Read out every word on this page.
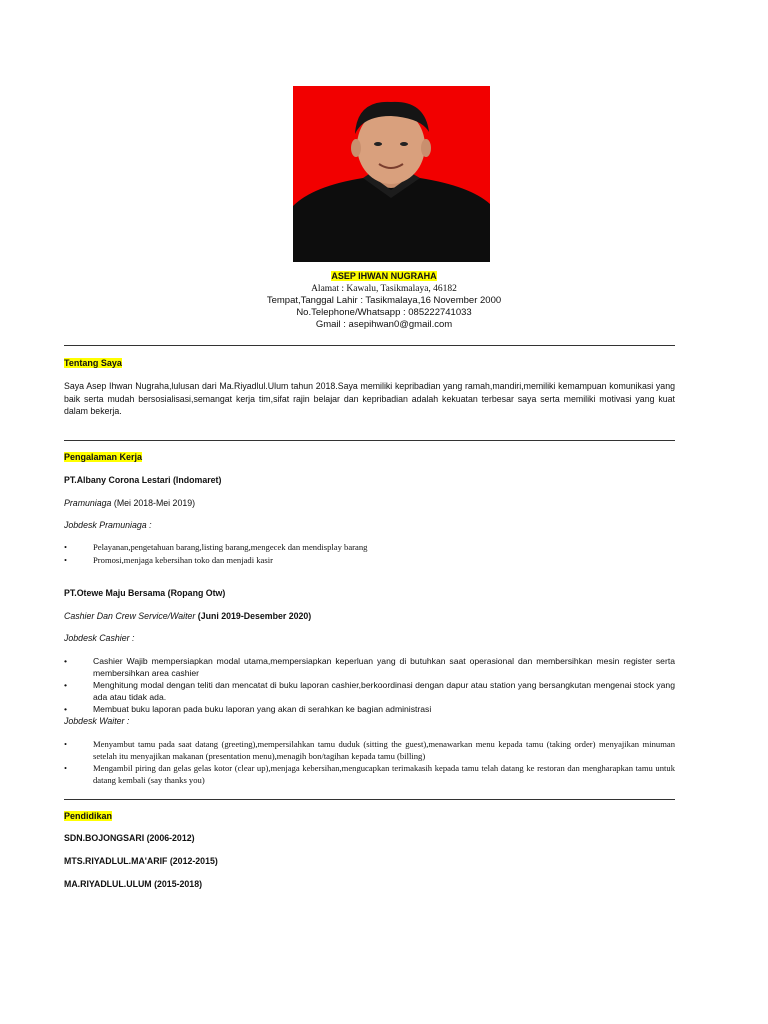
ASEP IHWAN NUGRAHA
Alamat : Kawalu, Tasikmalaya, 46182
Tempat,Tanggal Lahir : Tasikmalaya,16 November 2000
No.Telephone/Whatsapp : 085222741033
Gmail : asepihwan0@gmail.com
Tentang Saya
Saya Asep Ihwan Nugraha,lulusan dari Ma.Riyadlul.Ulum tahun 2018.Saya memiliki kepribadian yang ramah,mandiri,memiliki kemampuan komunikasi yang baik serta mudah bersosialisasi,semangat kerja tim,sifat rajin belajar dan kepribadian adalah kekuatan terbesar saya serta memiliki motivasi yang kuat dalam bekerja.
Pengalaman Kerja
PT.Albany Corona Lestari (Indomaret)
Pramuniaga (Mei 2018-Mei 2019)
Jobdesk Pramuniaga :
•	Pelayanan,pengetahuan barang,listing barang,mengecek dan mendisplay barang
•	Promosi,menjaga kebersihan toko dan menjadi kasir
PT.Otewe Maju Bersama (Ropang Otw)
Cashier Dan Crew Service/Waiter (Juni 2019-Desember 2020)
Jobdesk Cashier :
•	Cashier Wajib mempersiapkan modal utama,mempersiapkan keperluan yang di butuhkan saat operasional dan membersihkan mesin register serta membersihkan area cashier
•	Menghitung modal dengan teliti dan mencatat di buku laporan cashier,berkoordinasi dengan dapur atau station yang bersangkutan mengenai stock yang ada atau tidak ada.
•	Membuat buku laporan pada buku laporan yang akan di serahkan ke bagian administrasi
Jobdesk Waiter :
•	Menyambut tamu pada saat datang (greeting),mempersilahkan tamu duduk (sitting the guest),menawarkan menu kepada tamu (taking order) menyajikan minuman setelah itu menyajikan makanan (presentation menu),menagih bon/tagihan kepada tamu (billing)
•	Mengambil piring dan gelas gelas kotor (clear up),menjaga kebersihan,mengucapkan terimakasih kepada tamu telah datang ke restoran dan mengharapkan tamu untuk datang kembali (say thanks you)
Pendidikan
SDN.BOJONGSARI (2006-2012)
MTS.RIYADLUL.MA'ARIF (2012-2015)
MA.RIYADLUL.ULUM (2015-2018)
